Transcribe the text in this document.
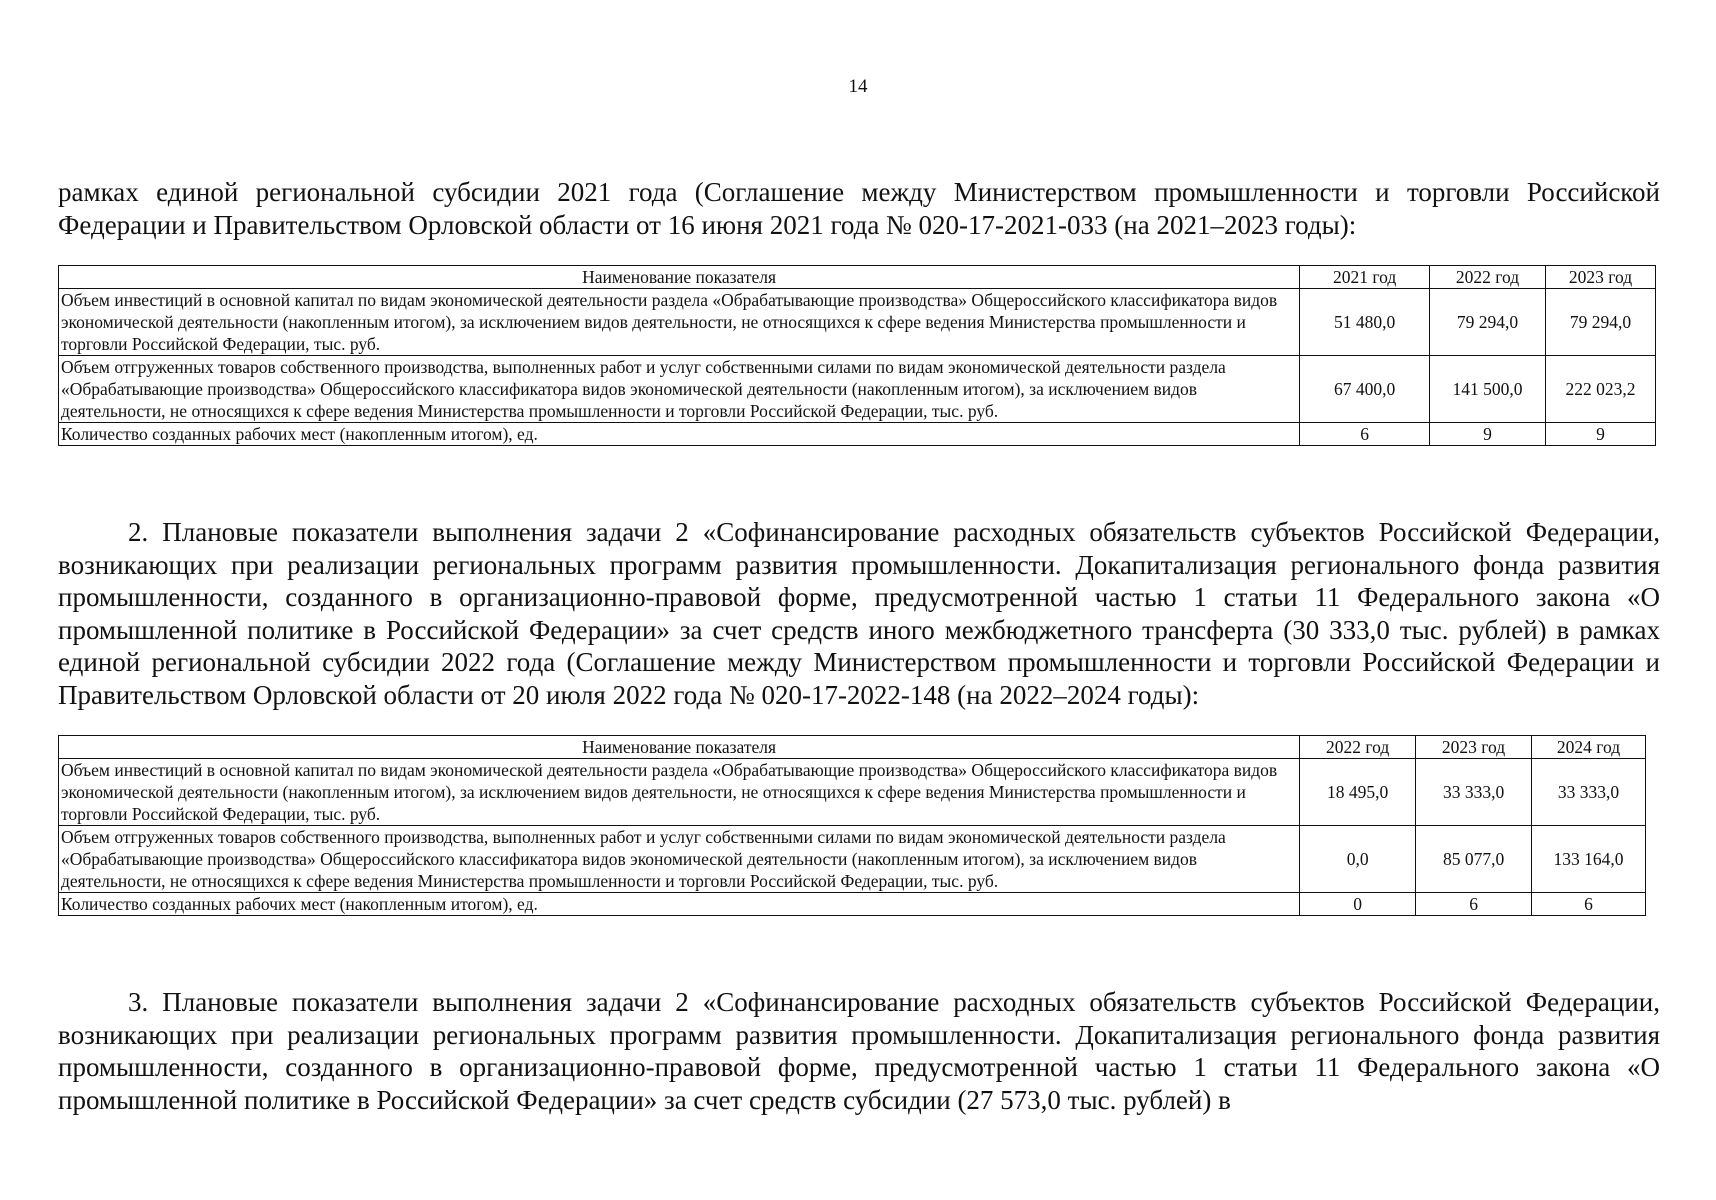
14

рамках единой региональной субсидии 2021 года (Соглашение между Министерством промышленности и торговли Российской Федерации и Правительством Орловской области от 16 июня 2021 года № 020-17-2021-033 (на 2021–2023 годы):

Наименование показателя	2021 год	2022 год	2023 год
Объем инвестиций в основной капитал по видам экономической деятельности раздела «Обрабатывающие производства» Общероссийского классификатора видов экономической деятельности (накопленным итогом), за исключением видов деятельности, не относящихся к сфере ведения Министерства промышленности и торговли Российской Федерации, тыс. руб.	51 480,0	79 294,0	79 294,0
Объем отгруженных товаров собственного производства, выполненных работ и услуг собственными силами по видам экономической деятельности раздела «Обрабатывающие производства» Общероссийского классификатора видов экономической деятельности (накопленным итогом), за исключением видов деятельности, не относящихся к сфере ведения Министерства промышленности и торговли Российской Федерации, тыс. руб.	67 400,0	141 500,0	222 023,2
Количество созданных рабочих мест (накопленным итогом), ед.	6	9	9

2. Плановые показатели выполнения задачи 2 «Софинансирование расходных обязательств субъектов Российской Федерации, возникающих при реализации региональных программ развития промышленности. Докапитализация регионального фонда развития промышленности, созданного в организационно-правовой форме, предусмотренной частью 1 статьи 11 Федерального закона «О промышленной политике в Российской Федерации» за счет средств иного межбюджетного трансферта (30 333,0 тыс. рублей) в рамках единой региональной субсидии 2022 года (Соглашение между Министерством промышленности и торговли Российской Федерации и Правительством Орловской области от 20 июля 2022 года № 020-17-2022-148 (на 2022–2024 годы):

Наименование показателя	2022 год	2023 год	2024 год
Объем инвестиций в основной капитал по видам экономической деятельности раздела «Обрабатывающие производства» Общероссийского классификатора видов экономической деятельности (накопленным итогом), за исключением видов деятельности, не относящихся к сфере ведения Министерства промышленности и торговли Российской Федерации, тыс. руб.	18 495,0	33 333,0	33 333,0
Объем отгруженных товаров собственного производства, выполненных работ и услуг собственными силами по видам экономической деятельности раздела «Обрабатывающие производства» Общероссийского классификатора видов экономической деятельности (накопленным итогом), за исключением видов деятельности, не относящихся к сфере ведения Министерства промышленности и торговли Российской Федерации, тыс. руб.	0,0	85 077,0	133 164,0
Количество созданных рабочих мест (накопленным итогом), ед.	0	6	6

3. Плановые показатели выполнения задачи 2 «Софинансирование расходных обязательств субъектов Российской Федерации, возникающих при реализации региональных программ развития промышленности. Докапитализация регионального фонда развития промышленности, созданного в организационно-правовой форме, предусмотренной частью 1 статьи 11 Федерального закона «О промышленной политике в Российской Федерации» за счет средств субсидии (27 573,0 тыс. рублей) в
